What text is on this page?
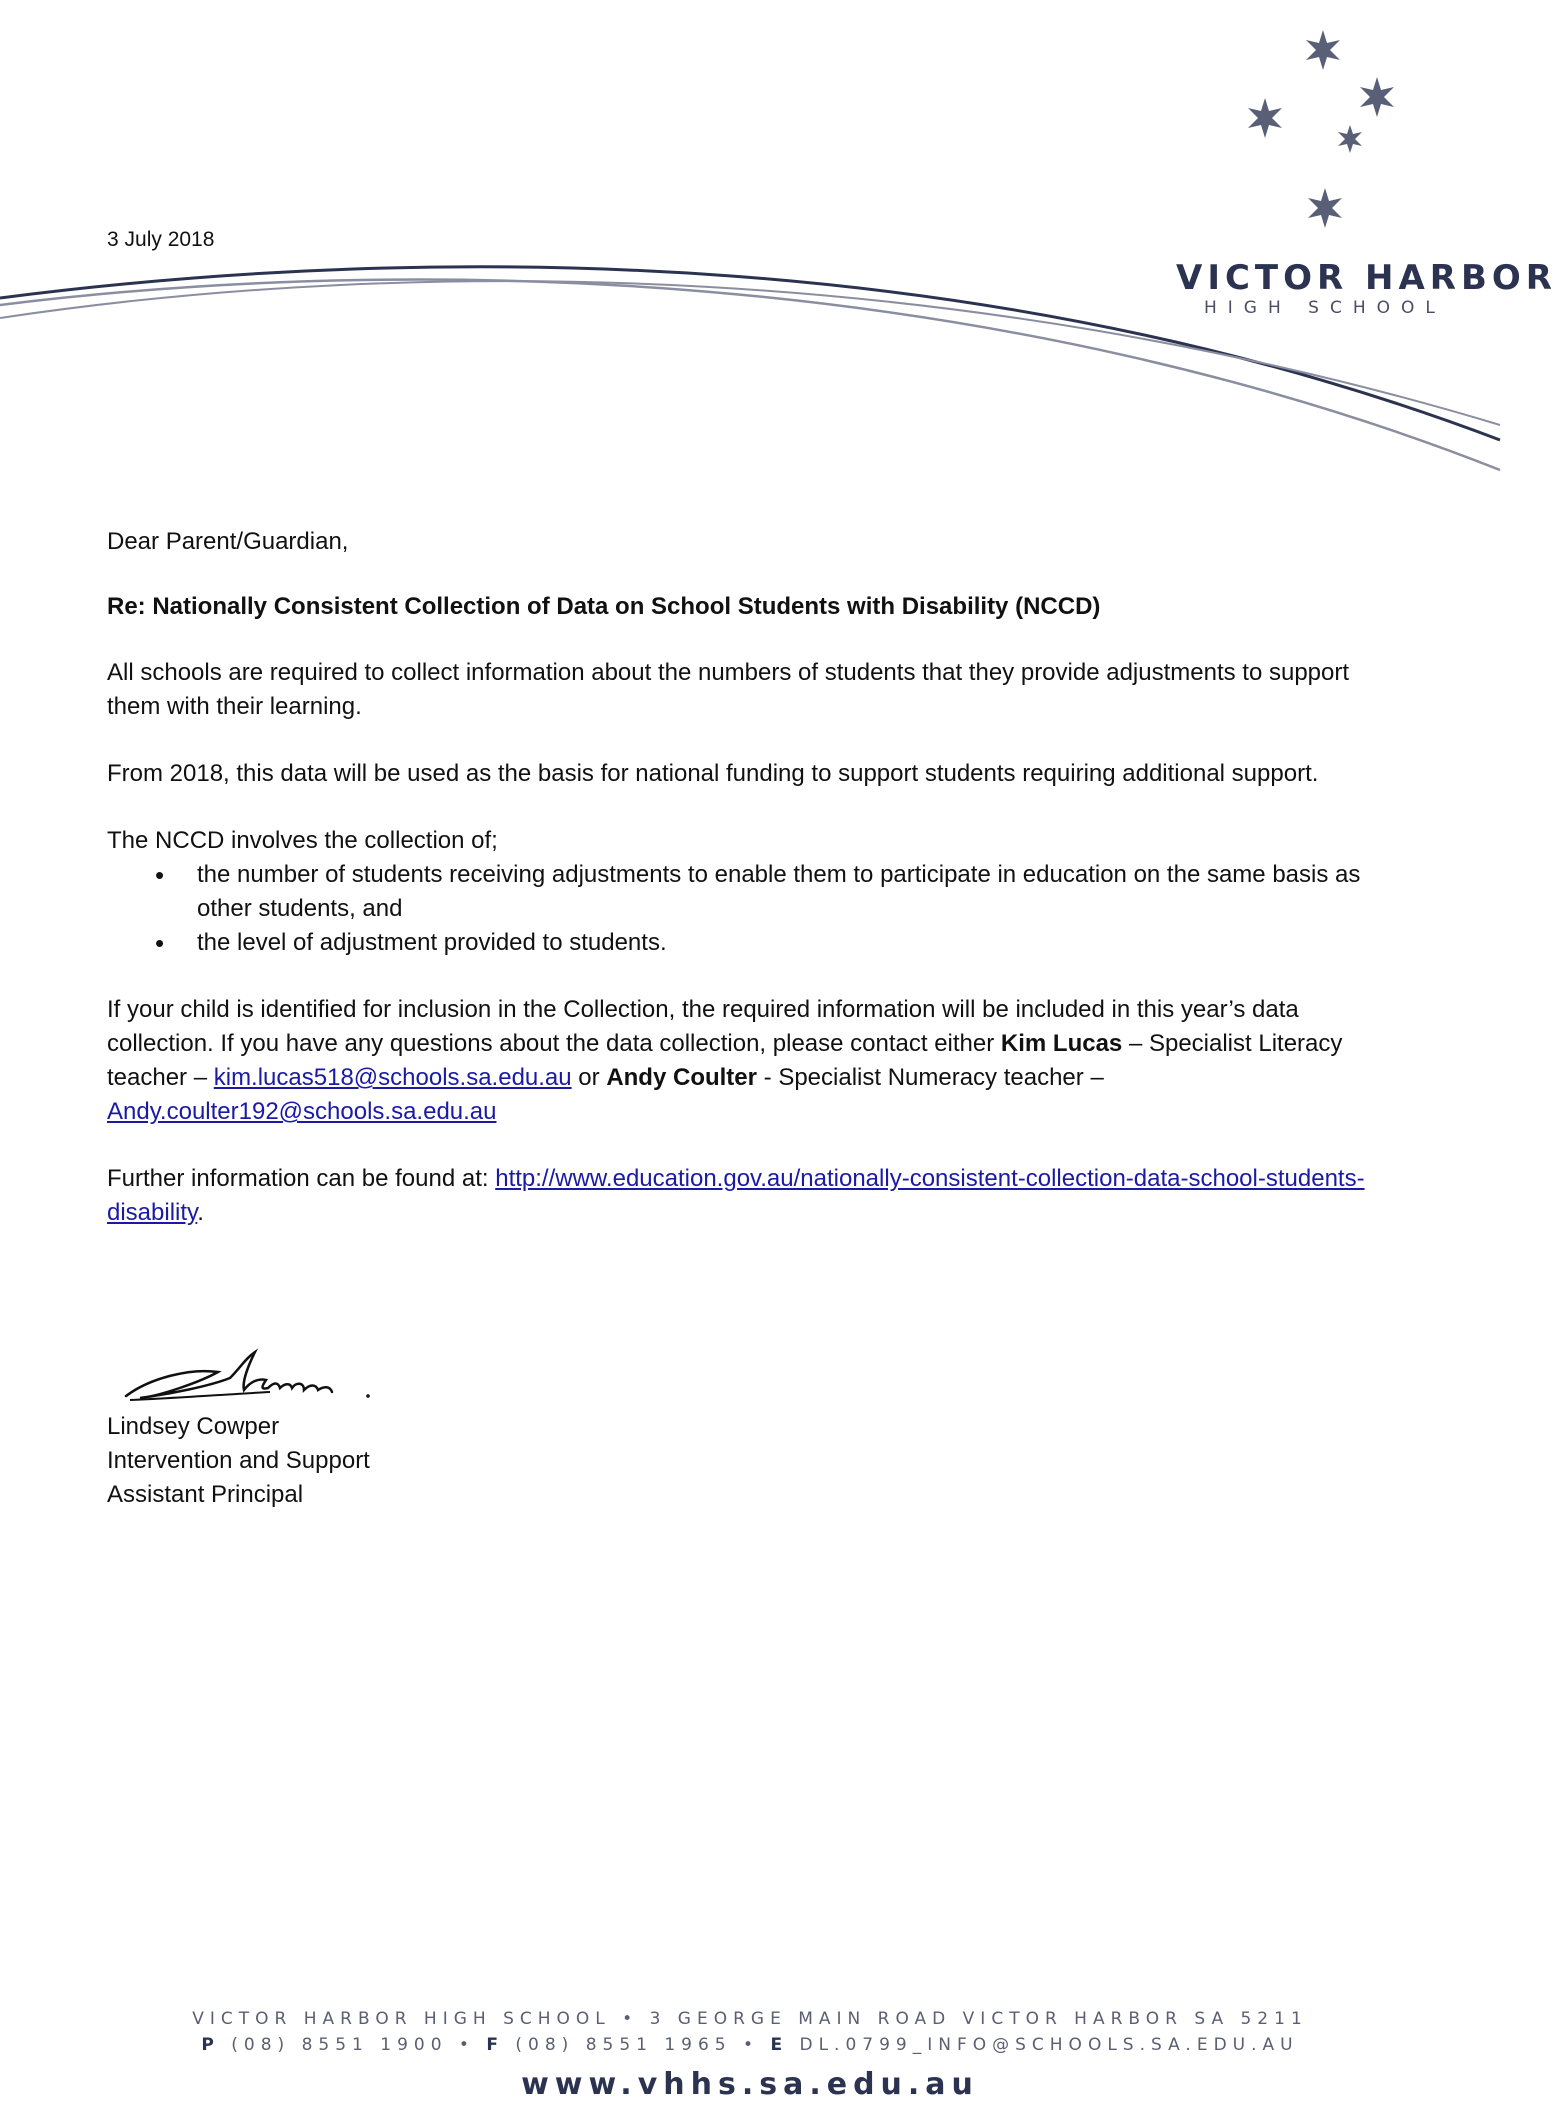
VICTOR HARBOR
HIGH SCHOOL
3 July 2018

Dear Parent/Guardian,

Re: Nationally Consistent Collection of Data on School Students with Disability (NCCD)

All schools are required to collect information about the numbers of students that they provide adjustments to support them with their learning.

From 2018, this data will be used as the basis for national funding to support students requiring additional support.

The NCCD involves the collection of;

• the number of students receiving adjustments to enable them to participate in education on the same basis as other students, and
• the level of adjustment provided to students.

If your child is identified for inclusion in the Collection, the required information will be included in this year’s data collection. If you have any questions about the data collection, please contact either Kim Lucas – Specialist Literacy teacher – kim.lucas518@schools.sa.edu.au or Andy Coulter - Specialist Numeracy teacher – Andy.coulter192@schools.sa.edu.au

Further information can be found at: http://www.education.gov.au/nationally-consistent-collection-data-school-students-disability.

Lindsey Cowper
Intervention and Support
Assistant Principal
VICTOR HARBOR HIGH SCHOOL • 3 GEORGE MAIN ROAD VICTOR HARBOR SA 5211
P (08) 8551 1900 • F (08) 8551 1965 • E DL.0799_INFO@SCHOOLS.SA.EDU.AU
www.vhhs.sa.edu.au
